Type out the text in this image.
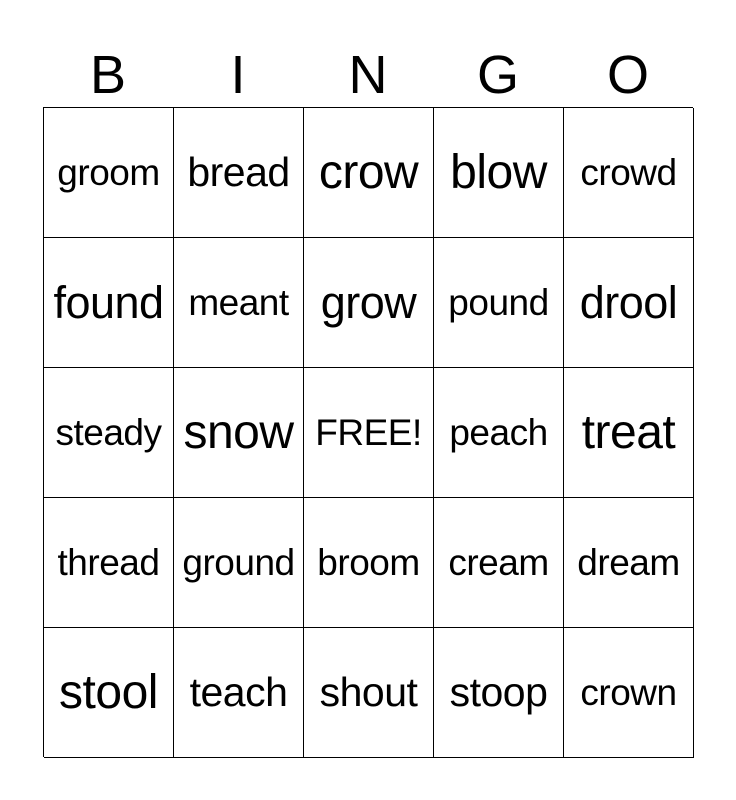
B	I	N	G	O
groom bread crow blow crowd
found meant grow pound drool
steady snow FREE! peach treat
thread ground broom cream dream
stool teach shout stoop crown
